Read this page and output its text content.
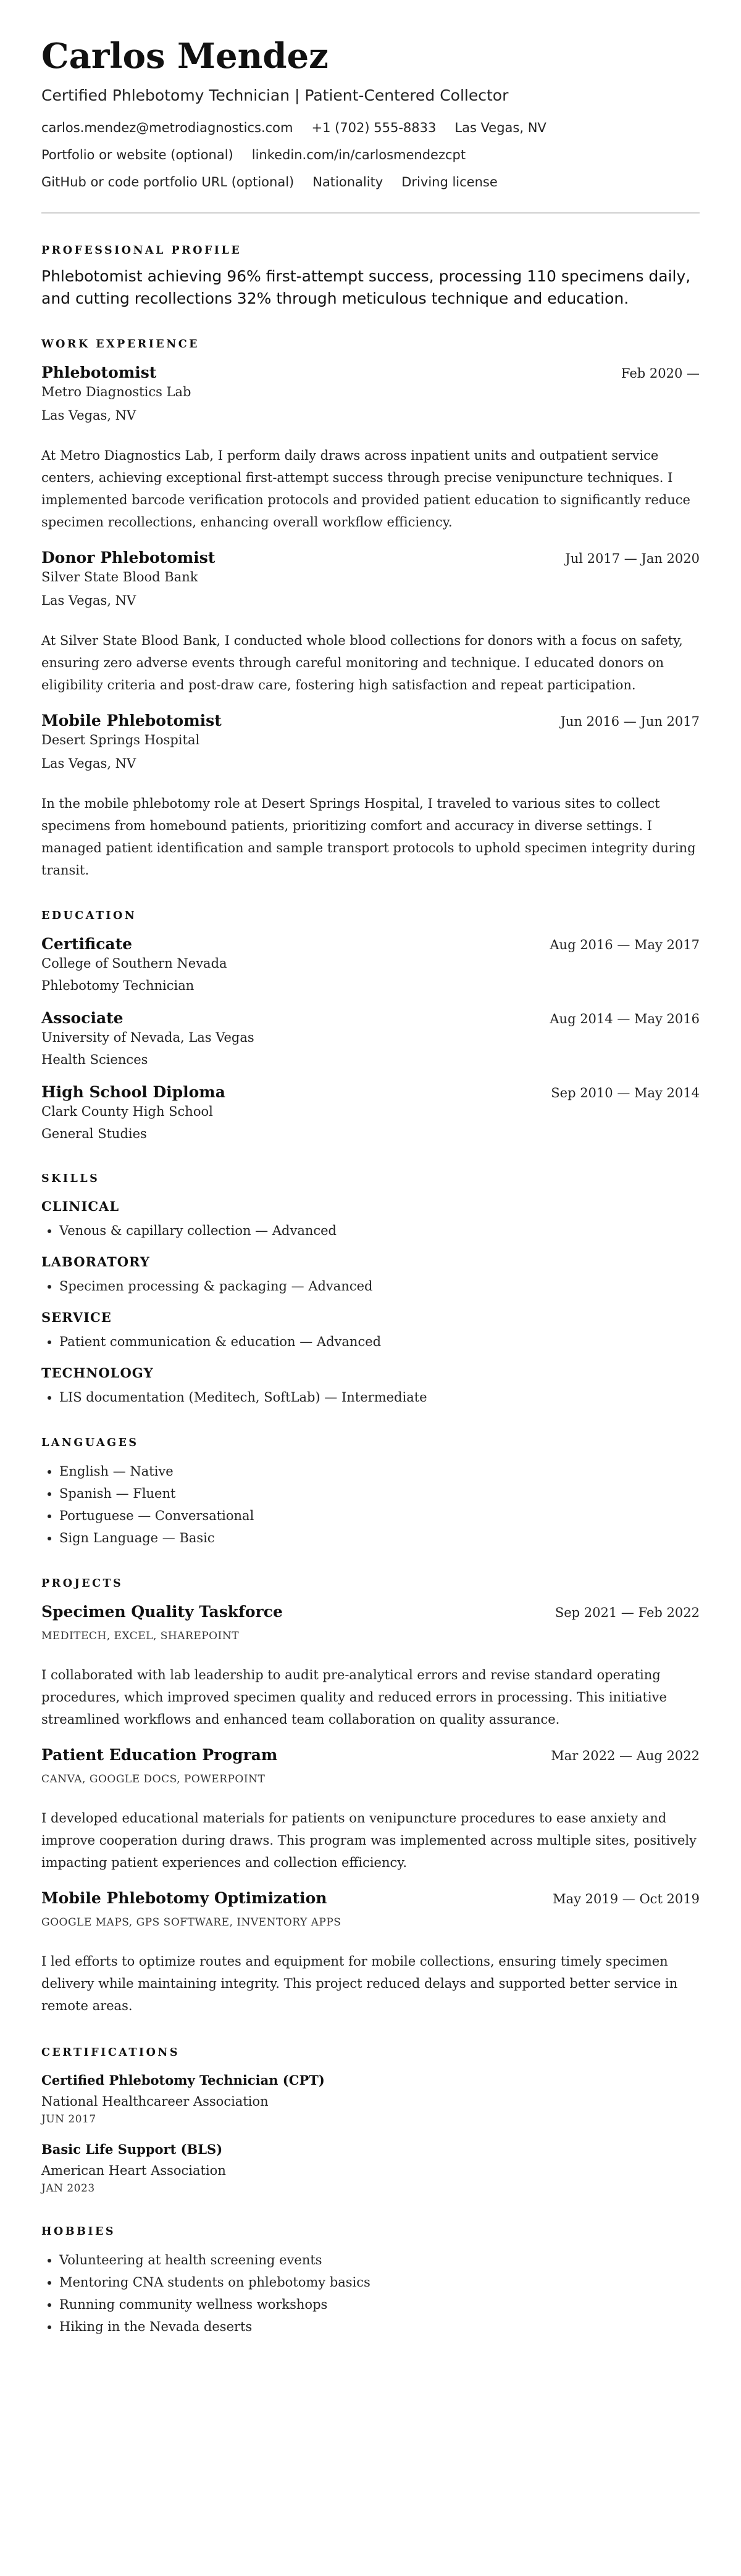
Carlos Mendez
Certified Phlebotomy Technician | Patient-Centered Collector
carlos.mendez@metrodiagnostics.com +1 (702) 555-8833 Las Vegas, NV
Portfolio or website (optional) linkedin.com/in/carlosmendezcpt
GitHub or code portfolio URL (optional) Nationality Driving license
PROFESSIONAL PROFILE
Phlebotomist achieving 96% first-attempt success, processing 110 specimens daily, and cutting recollections 32% through meticulous technique and education.
WORK EXPERIENCE
Phlebotomist	Feb 2020 —
Metro Diagnostics Lab
Las Vegas, NV
At Metro Diagnostics Lab, I perform daily draws across inpatient units and outpatient service centers, achieving exceptional first-attempt success through precise venipuncture techniques. I implemented barcode verification protocols and provided patient education to significantly reduce specimen recollections, enhancing overall workflow efficiency.
Donor Phlebotomist	Jul 2017 — Jan 2020
Silver State Blood Bank
Las Vegas, NV
At Silver State Blood Bank, I conducted whole blood collections for donors with a focus on safety, ensuring zero adverse events through careful monitoring and technique. I educated donors on eligibility criteria and post-draw care, fostering high satisfaction and repeat participation.
Mobile Phlebotomist	Jun 2016 — Jun 2017
Desert Springs Hospital
Las Vegas, NV
In the mobile phlebotomy role at Desert Springs Hospital, I traveled to various sites to collect specimens from homebound patients, prioritizing comfort and accuracy in diverse settings. I managed patient identification and sample transport protocols to uphold specimen integrity during transit.
EDUCATION
Certificate	Aug 2016 — May 2017
College of Southern Nevada
Phlebotomy Technician
Associate	Aug 2014 — May 2016
University of Nevada, Las Vegas
Health Sciences
High School Diploma	Sep 2010 — May 2014
Clark County High School
General Studies
SKILLS
CLINICAL
• Venous & capillary collection — Advanced
LABORATORY
• Specimen processing & packaging — Advanced
SERVICE
• Patient communication & education — Advanced
TECHNOLOGY
• LIS documentation (Meditech, SoftLab) — Intermediate
LANGUAGES
• English — Native
• Spanish — Fluent
• Portuguese — Conversational
• Sign Language — Basic
PROJECTS
Specimen Quality Taskforce	Sep 2021 — Feb 2022
MEDITECH, EXCEL, SHAREPOINT
I collaborated with lab leadership to audit pre-analytical errors and revise standard operating procedures, which improved specimen quality and reduced errors in processing. This initiative streamlined workflows and enhanced team collaboration on quality assurance.
Patient Education Program	Mar 2022 — Aug 2022
CANVA, GOOGLE DOCS, POWERPOINT
I developed educational materials for patients on venipuncture procedures to ease anxiety and improve cooperation during draws. This program was implemented across multiple sites, positively impacting patient experiences and collection efficiency.
Mobile Phlebotomy Optimization	May 2019 — Oct 2019
GOOGLE MAPS, GPS SOFTWARE, INVENTORY APPS
I led efforts to optimize routes and equipment for mobile collections, ensuring timely specimen delivery while maintaining integrity. This project reduced delays and supported better service in remote areas.
CERTIFICATIONS
Certified Phlebotomy Technician (CPT)
National Healthcareer Association
JUN 2017
Basic Life Support (BLS)
American Heart Association
JAN 2023
HOBBIES
• Volunteering at health screening events
• Mentoring CNA students on phlebotomy basics
• Running community wellness workshops
• Hiking in the Nevada deserts
